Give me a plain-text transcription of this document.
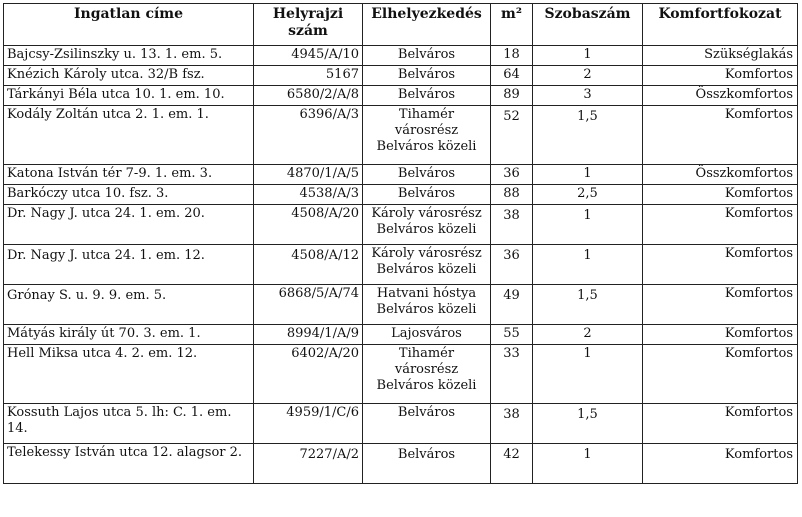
Ingatlan címe	Helyrajzi szám	Elhelyezkedés	m²	Szobaszám	Komfortfokozat
Bajcsy-Zsilinszky u. 13. 1. em. 5.	4945/A/10	Belváros	18	1	Szükséglakás
Knézich Károly utca. 32/B fsz.	5167	Belváros	64	2	Komfortos
Tárkányi Béla utca 10. 1. em. 10.	6580/2/A/8	Belváros	89	3	Összkomfortos
Kodály Zoltán utca 2. 1. em. 1.	6396/A/3	Tihamér városrész Belváros közeli	52	1,5	Komfortos
Katona István tér 7-9. 1. em. 3.	4870/1/A/5	Belváros	36	1	Összkomfortos
Barkóczy utca 10. fsz. 3.	4538/A/3	Belváros	88	2,5	Komfortos
Dr. Nagy J. utca 24. 1. em. 20.	4508/A/20	Károly városrész Belváros közeli	38	1	Komfortos
Dr. Nagy J. utca 24. 1. em. 12.	4508/A/12	Károly városrész Belváros közeli	36	1	Komfortos
Grónay S. u. 9. 9. em. 5.	6868/5/A/74	Hatvani hóstya Belváros közeli	49	1,5	Komfortos
Mátyás király út 70. 3. em. 1.	8994/1/A/9	Lajosváros	55	2	Komfortos
Hell Miksa utca 4. 2. em. 12.	6402/A/20	Tihamér városrész Belváros közeli	33	1	Komfortos
Kossuth Lajos utca 5. lh: C. 1. em. 14.	4959/1/C/6	Belváros	38	1,5	Komfortos
Telekessy István utca 12. alagsor 2.	7227/A/2	Belváros	42	1	Komfortos
